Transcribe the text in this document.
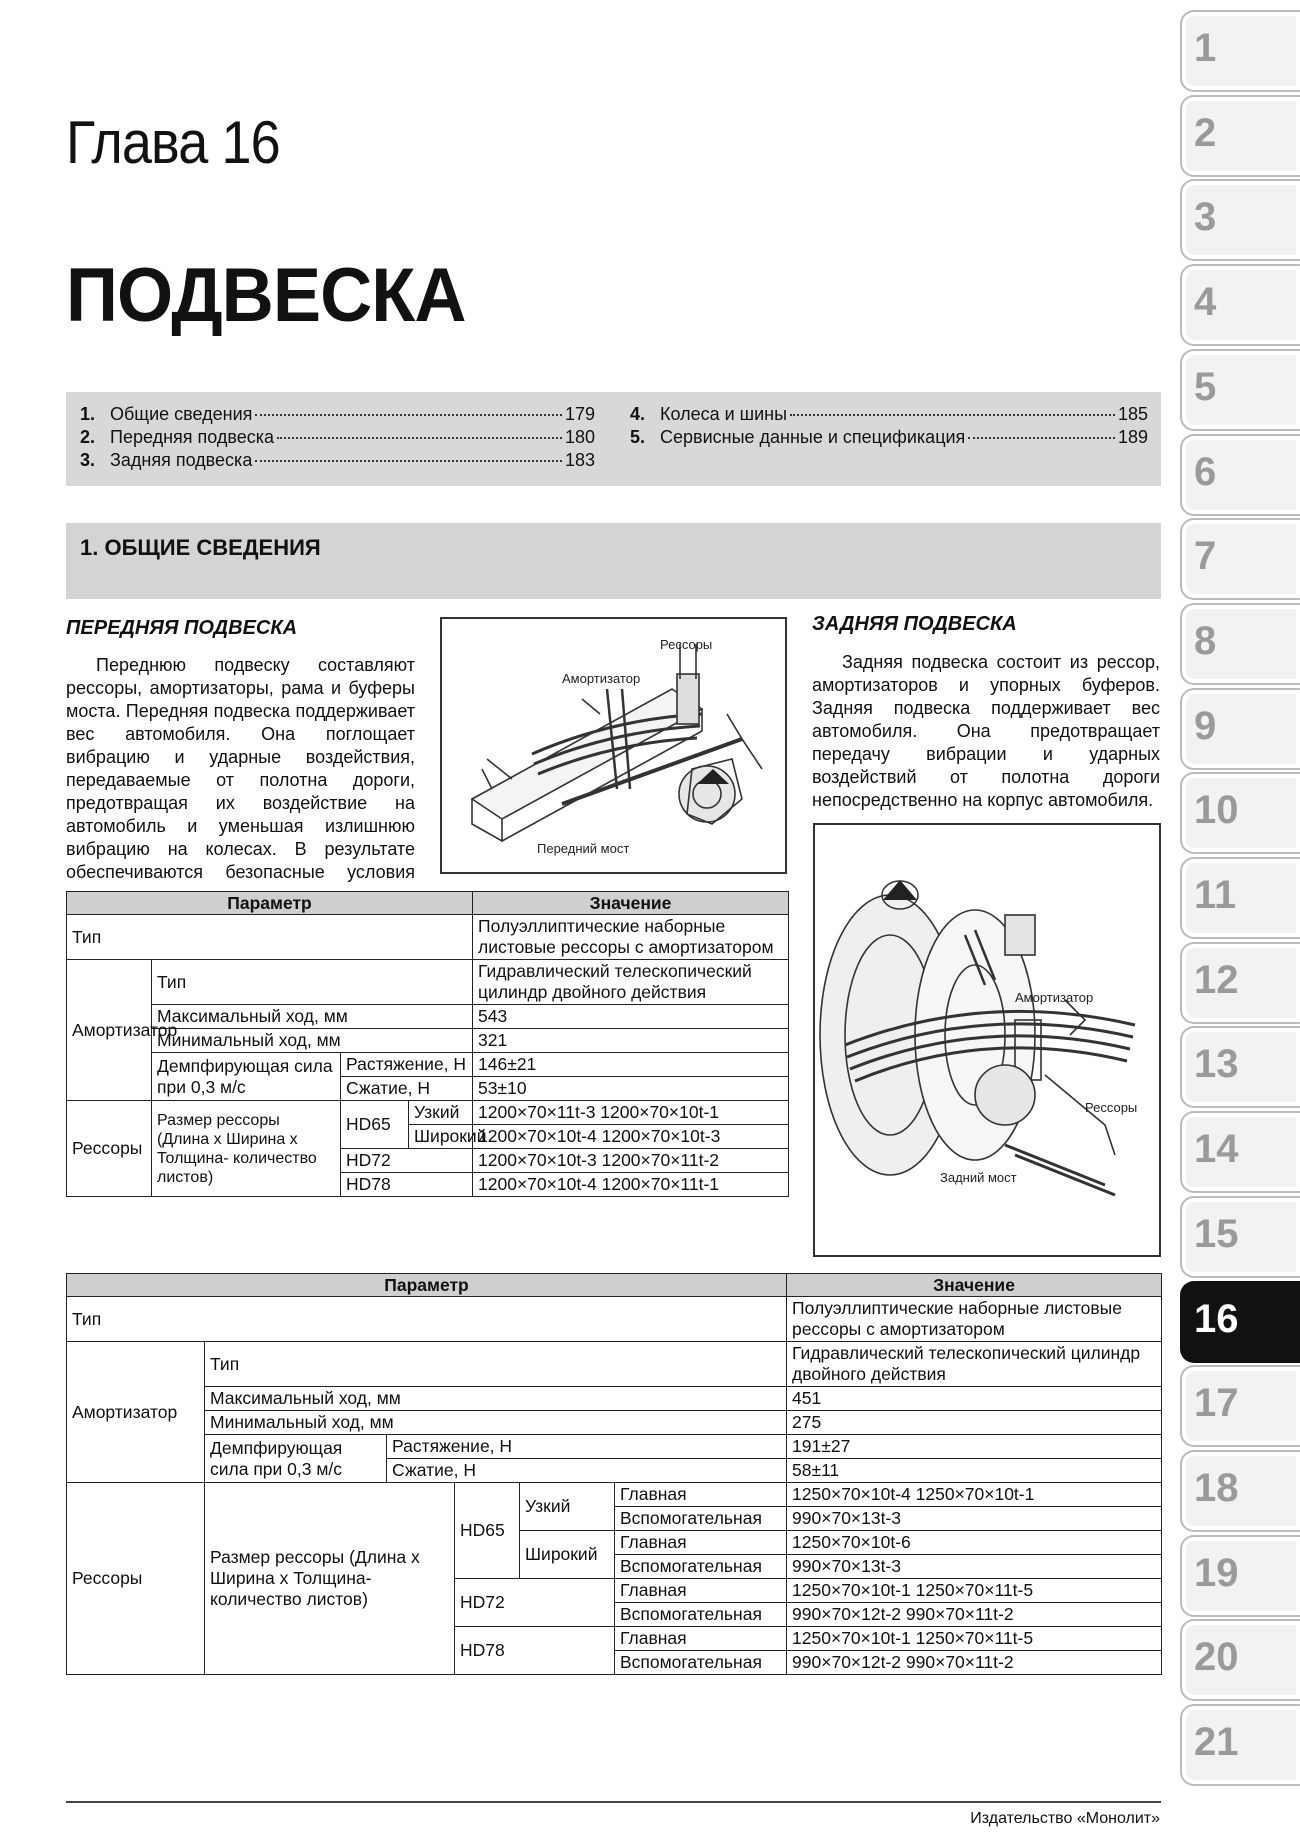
Глава 16
ПОДВЕСКА
1. Общие сведения	179
2. Передняя подвеска	180
3. Задняя подвеска	183
4. Колеса и шины	185
5. Сервисные данные и спецификация	189
1. ОБЩИЕ СВЕДЕНИЯ
ПЕРЕДНЯЯ ПОДВЕСКА
Переднюю подвеску составляют рессоры, амортизаторы, рама и буферы моста. Передняя подвеска поддерживает вес автомобиля. Она поглощает вибрацию и ударные воздействия, передаваемые от полотна дороги, предотвращая их воздействие на автомобиль и уменьшая излишнюю вибрацию на колесах. В результате обеспечиваются безопасные условия
Рессоры
Амортизатор
Передний мост
ЗАДНЯЯ ПОДВЕСКА
Задняя подвеска состоит из рессор, амортизаторов и упорных буферов. Задняя подвеска поддерживает вес автомобиля. Она предотвращает передачу вибрации и ударных воздействий от полотна дороги непосредственно на корпус автомобиля.
Амортизатор
Рессоры
Задний мост
Параметр				Значение
Тип				Полуэллиптические наборные листовые рессоры с амортизатором
Амортизатор	Тип			Гидравлический телескопический цилиндр двойного действия
	Максимальный ход, мм			543
	Минимальный ход, мм			321
	Демпфирующая сила при 0,3 м/с	Растяжение, Н		146±21
		Сжатие, Н		53±10
Рессоры	Размер рессоры (Длина х Ширина х Толщина- количество листов)	HD65	Узкий	1200×70×11t-3 1200×70×10t-1
			Широкий	1200×70×10t-4 1200×70×10t-3
		HD72		1200×70×10t-3 1200×70×11t-2
		HD78		1200×70×10t-4 1200×70×11t-1
Параметр						Значение
Тип						Полуэллиптические наборные листовые рессоры с амортизатором
Амортизатор	Тип					Гидравлический телескопический цилиндр двойного действия
	Максимальный ход, мм					451
	Минимальный ход, мм					275
	Демпфирующая сила при 0,3 м/с	Растяжение, Н				191±27
		Сжатие, Н				58±11
Рессоры	Размер рессоры (Длина х Ширина х Толщина- количество листов)		HD65	Узкий	Главная	1250×70×10t-4 1250×70×10t-1
					Вспомогательная	990×70×13t-3
				Широкий	Главная	1250×70×10t-6
					Вспомогательная	990×70×13t-3
			HD72		Главная	1250×70×10t-1 1250×70×11t-5
					Вспомогательная	990×70×12t-2 990×70×11t-2
			HD78		Главная	1250×70×10t-1 1250×70×11t-5
					Вспомогательная	990×70×12t-2 990×70×11t-2
1
2
3
4
5
6
7
8
9
10
11
12
13
14
15
16
17
18
19
20
21
Издательство «Монолит»
